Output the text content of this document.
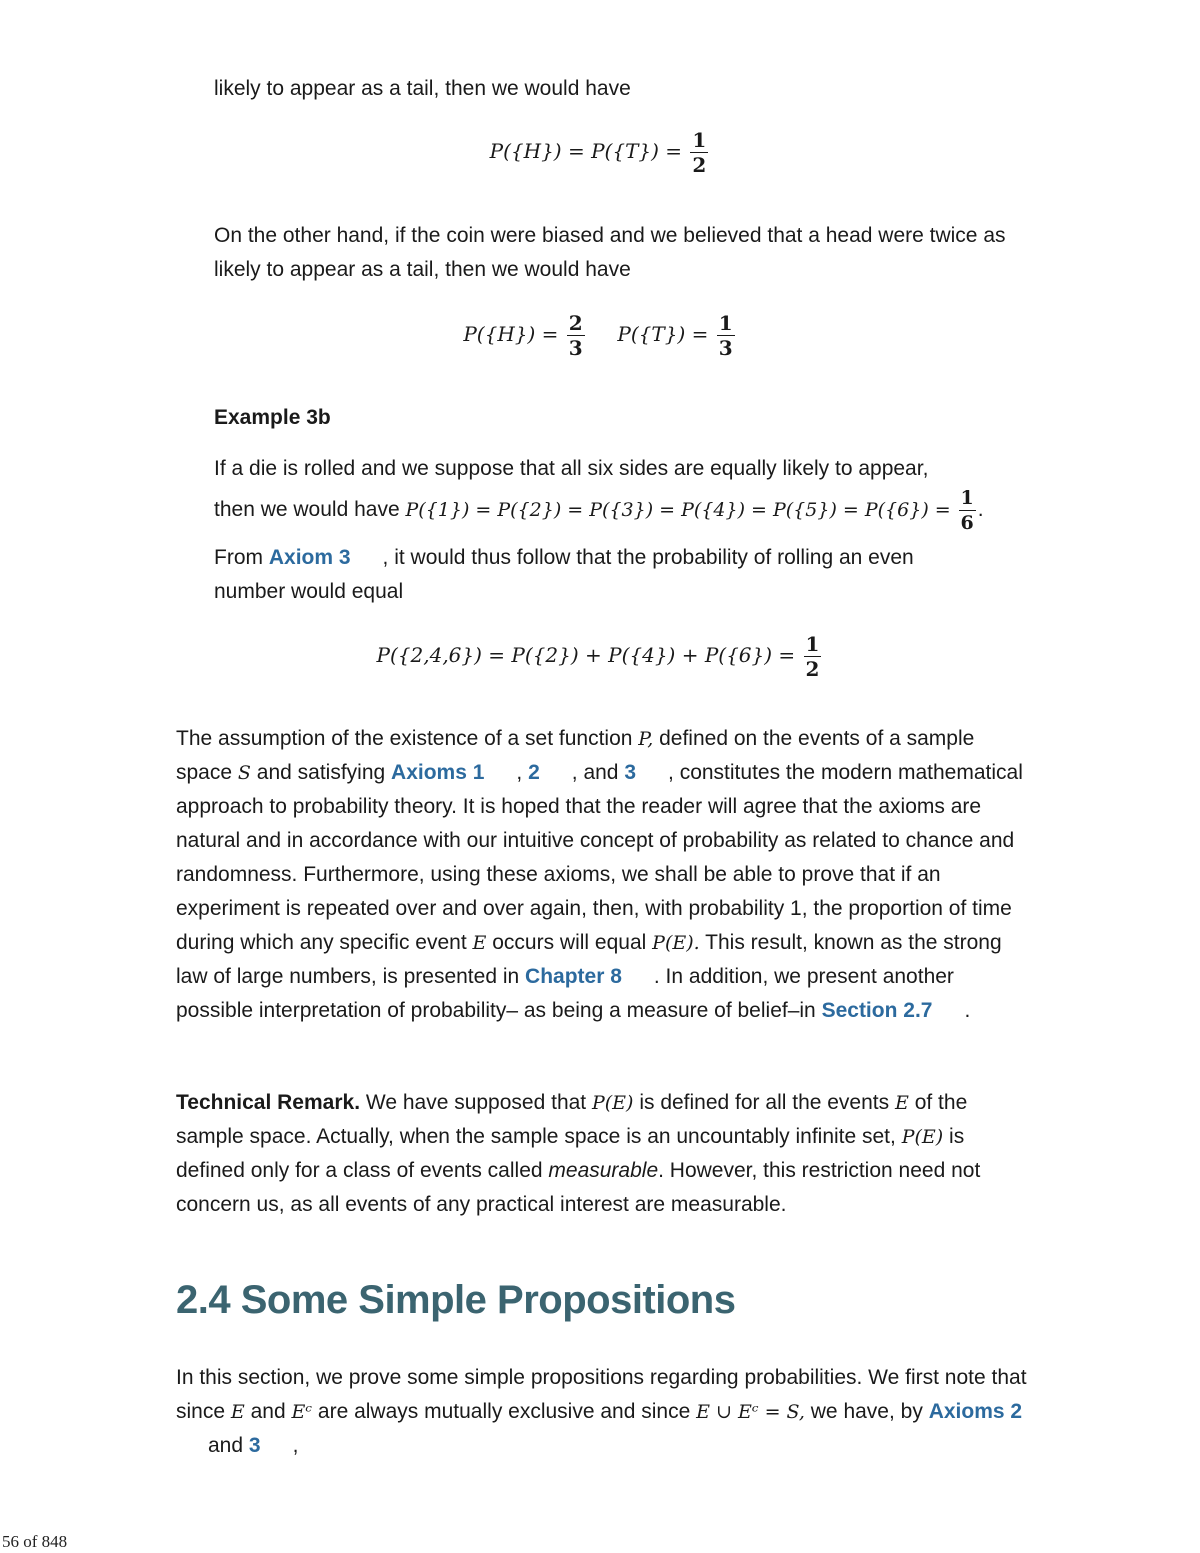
likely to appear as a tail, then we would have

$P(\{H\}) = P(\{T\}) = \frac{1}{2}$

On the other hand, if the coin were biased and we believed that a head were twice as likely to appear as a tail, then we would have

$P(\{H\}) = \frac{2}{3} P(\{T\}) = \frac{1}{3}$

Example 3b

If a die is rolled and we suppose that all six sides are equally likely to appear,

then we would have $P(\{1\}) = P(\{2\}) = P(\{3\}) = P(\{4\}) = P(\{5\}) = P(\{6\}) = \frac{1}{6}$ .

From Axiom 3 , it would thus follow that the probability of rolling an even

number would equal

$P(\{2,4,6\}) = P(\{2\}) + P(\{4\}) + P(\{6\}) = \frac{1}{2}$

The assumption of the existence of a set function P, defined on the events of a sample space S and satisfying Axioms 1 , 2 , and 3 , constitutes the modern mathematical approach to probability theory. It is hoped that the reader will agree that the axioms are natural and in accordance with our intuitive concept of probability as related to chance and randomness. Furthermore, using these axioms, we shall be able to prove that if an experiment is repeated over and over again, then, with probability 1, the proportion of time during which any specific event E occurs will equal P(E). This result, known as the strong law of large numbers, is presented in Chapter 8 . In addition, we present another possible interpretation of probability– as being a measure of belief–in Section 2.7 .

Technical Remark. We have supposed that P(E) is defined for all the events E of the sample space. Actually, when the sample space is an uncountably infinite set, P(E) is defined only for a class of events called measurable. However, this restriction need not concern us, as all events of any practical interest are measurable.

2.4 Some Simple Propositions

In this section, we prove some simple propositions regarding probabilities. We first note that since E and Eᶜ are always mutually exclusive and since E ∪ Eᶜ = S, we have, by Axioms 2and 3 ,

56 of 848
